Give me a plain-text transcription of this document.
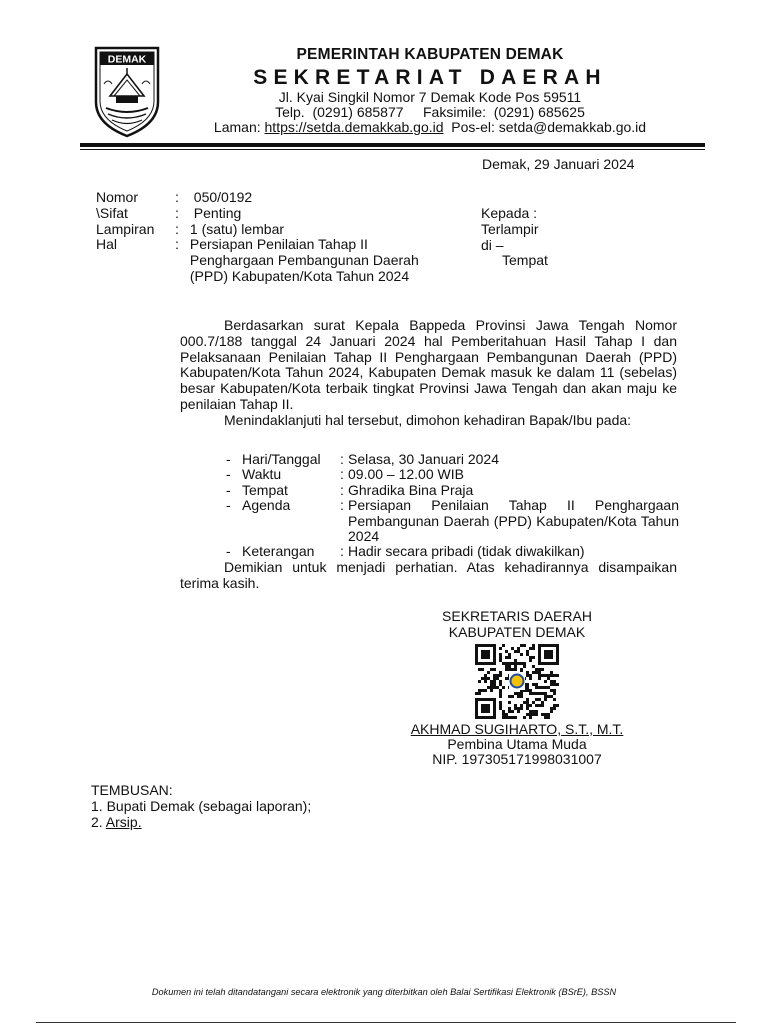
DEMAK	PEMERINTAH KABUPATEN DEMAK
SEKRETARIAT DAERAH
Jl. Kyai Singkil Nomor 7 Demak Kode Pos 59511
Telp. (0291) 685877 Faksimile: (0291) 685625
Laman: https://setda.demakkab.go.id Pos-el: setda@demakkab.go.id
Demak, 29 Januari 2024
Nomor	:	050/0192
\Sifat	:	Penting
Lampiran	:	1 (satu) lembar
Hal	:	Persiapan Penilaian Tahap II
Penghargaan Pembangunan Daerah
(PPD) Kabupaten/Kota Tahun 2024
Kepada :
Terlampir
di –
Tempat

Berdasarkan surat Kepala Bappeda Provinsi Jawa Tengah Nomor 000.7/188 tanggal 24 Januari 2024 hal Pemberitahuan Hasil Tahap I dan Pelaksanaan Penilaian Tahap II Penghargaan Pembangunan Daerah (PPD) Kabupaten/Kota Tahun 2024, Kabupaten Demak masuk ke dalam 11 (sebelas) besar Kabupaten/Kota terbaik tingkat Provinsi Jawa Tengah dan akan maju ke penilaian Tahap II.

Menindaklanjuti hal tersebut, dimohon kehadiran Bapak/Ibu pada:

-	Hari/Tanggal	:	Selasa, 30 Januari 2024
-	Waktu	:	09.00 – 12.00 WIB
-	Tempat	:	Ghradika Bina Praja
-	Agenda	:	Persiapan Penilaian Tahap II Penghargaan Pembangunan Daerah (PPD) Kabupaten/Kota Tahun 2024
-	Keterangan	:	Hadir secara pribadi (tidak diwakilkan)
Demikian untuk menjadi perhatian. Atas kehadirannya disampaikan terima kasih.
SEKRETARIS DAERAH
KABUPATEN DEMAK
AKHMAD SUGIHARTO, S.T., M.T.
Pembina Utama Muda
NIP. 197305171998031007
TEMBUSAN:
1. Bupati Demak (sebagai laporan);
2. Arsip.
Dokumen ini telah ditandatangani secara elektronik yang diterbitkan oleh Balai Sertifikasi Elektronik (BSrE), BSSN
